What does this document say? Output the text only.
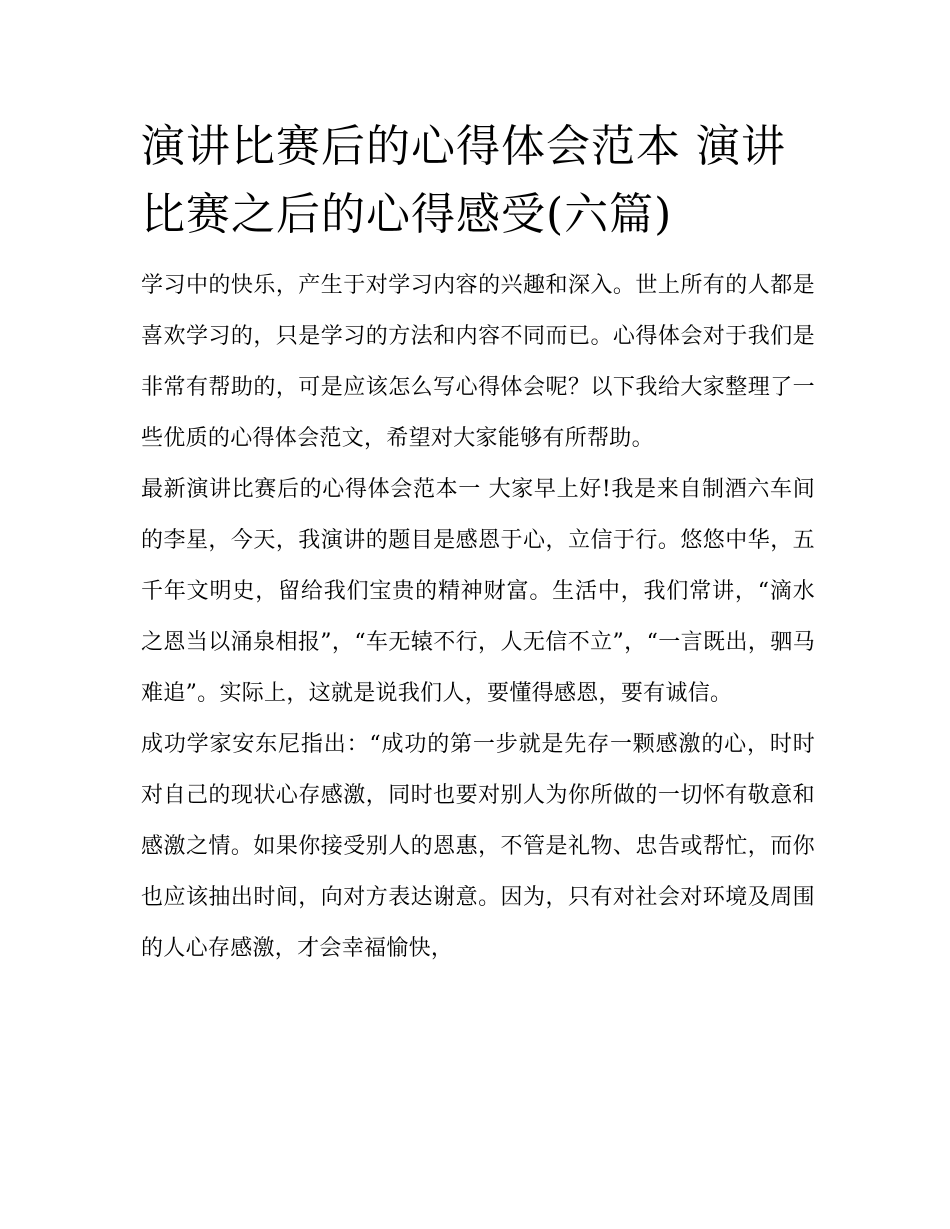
演讲比赛后的心得体会范本 演讲比赛之后的心得感受(六篇)

学习中的快乐，产生于对学习内容的兴趣和深入。世上所有的人都是喜欢学习的，只是学习的方法和内容不同而已。心得体会对于我们是非常有帮助的，可是应该怎么写心得体会呢？以下我给大家整理了一些优质的心得体会范文，希望对大家能够有所帮助。

最新演讲比赛后的心得体会范本一 大家早上好!我是来自制酒六车间的李星，今天，我演讲的题目是感恩于心，立信于行。悠悠中华，五千年文明史，留给我们宝贵的精神财富。生活中，我们常讲，“滴水之恩当以涌泉相报”，“车无辕不行，人无信不立”，“一言既出，驷马难追”。实际上，这就是说我们人，要懂得感恩，要有诚信。

成功学家安东尼指出：“成功的第一步就是先存一颗感激的心，时时对自己的现状心存感激，同时也要对别人为你所做的一切怀有敬意和感激之情。如果你接受别人的恩惠，不管是礼物、忠告或帮忙，而你也应该抽出时间，向对方表达谢意。因为，只有对社会对环境及周围的人心存感激，才会幸福愉快，
